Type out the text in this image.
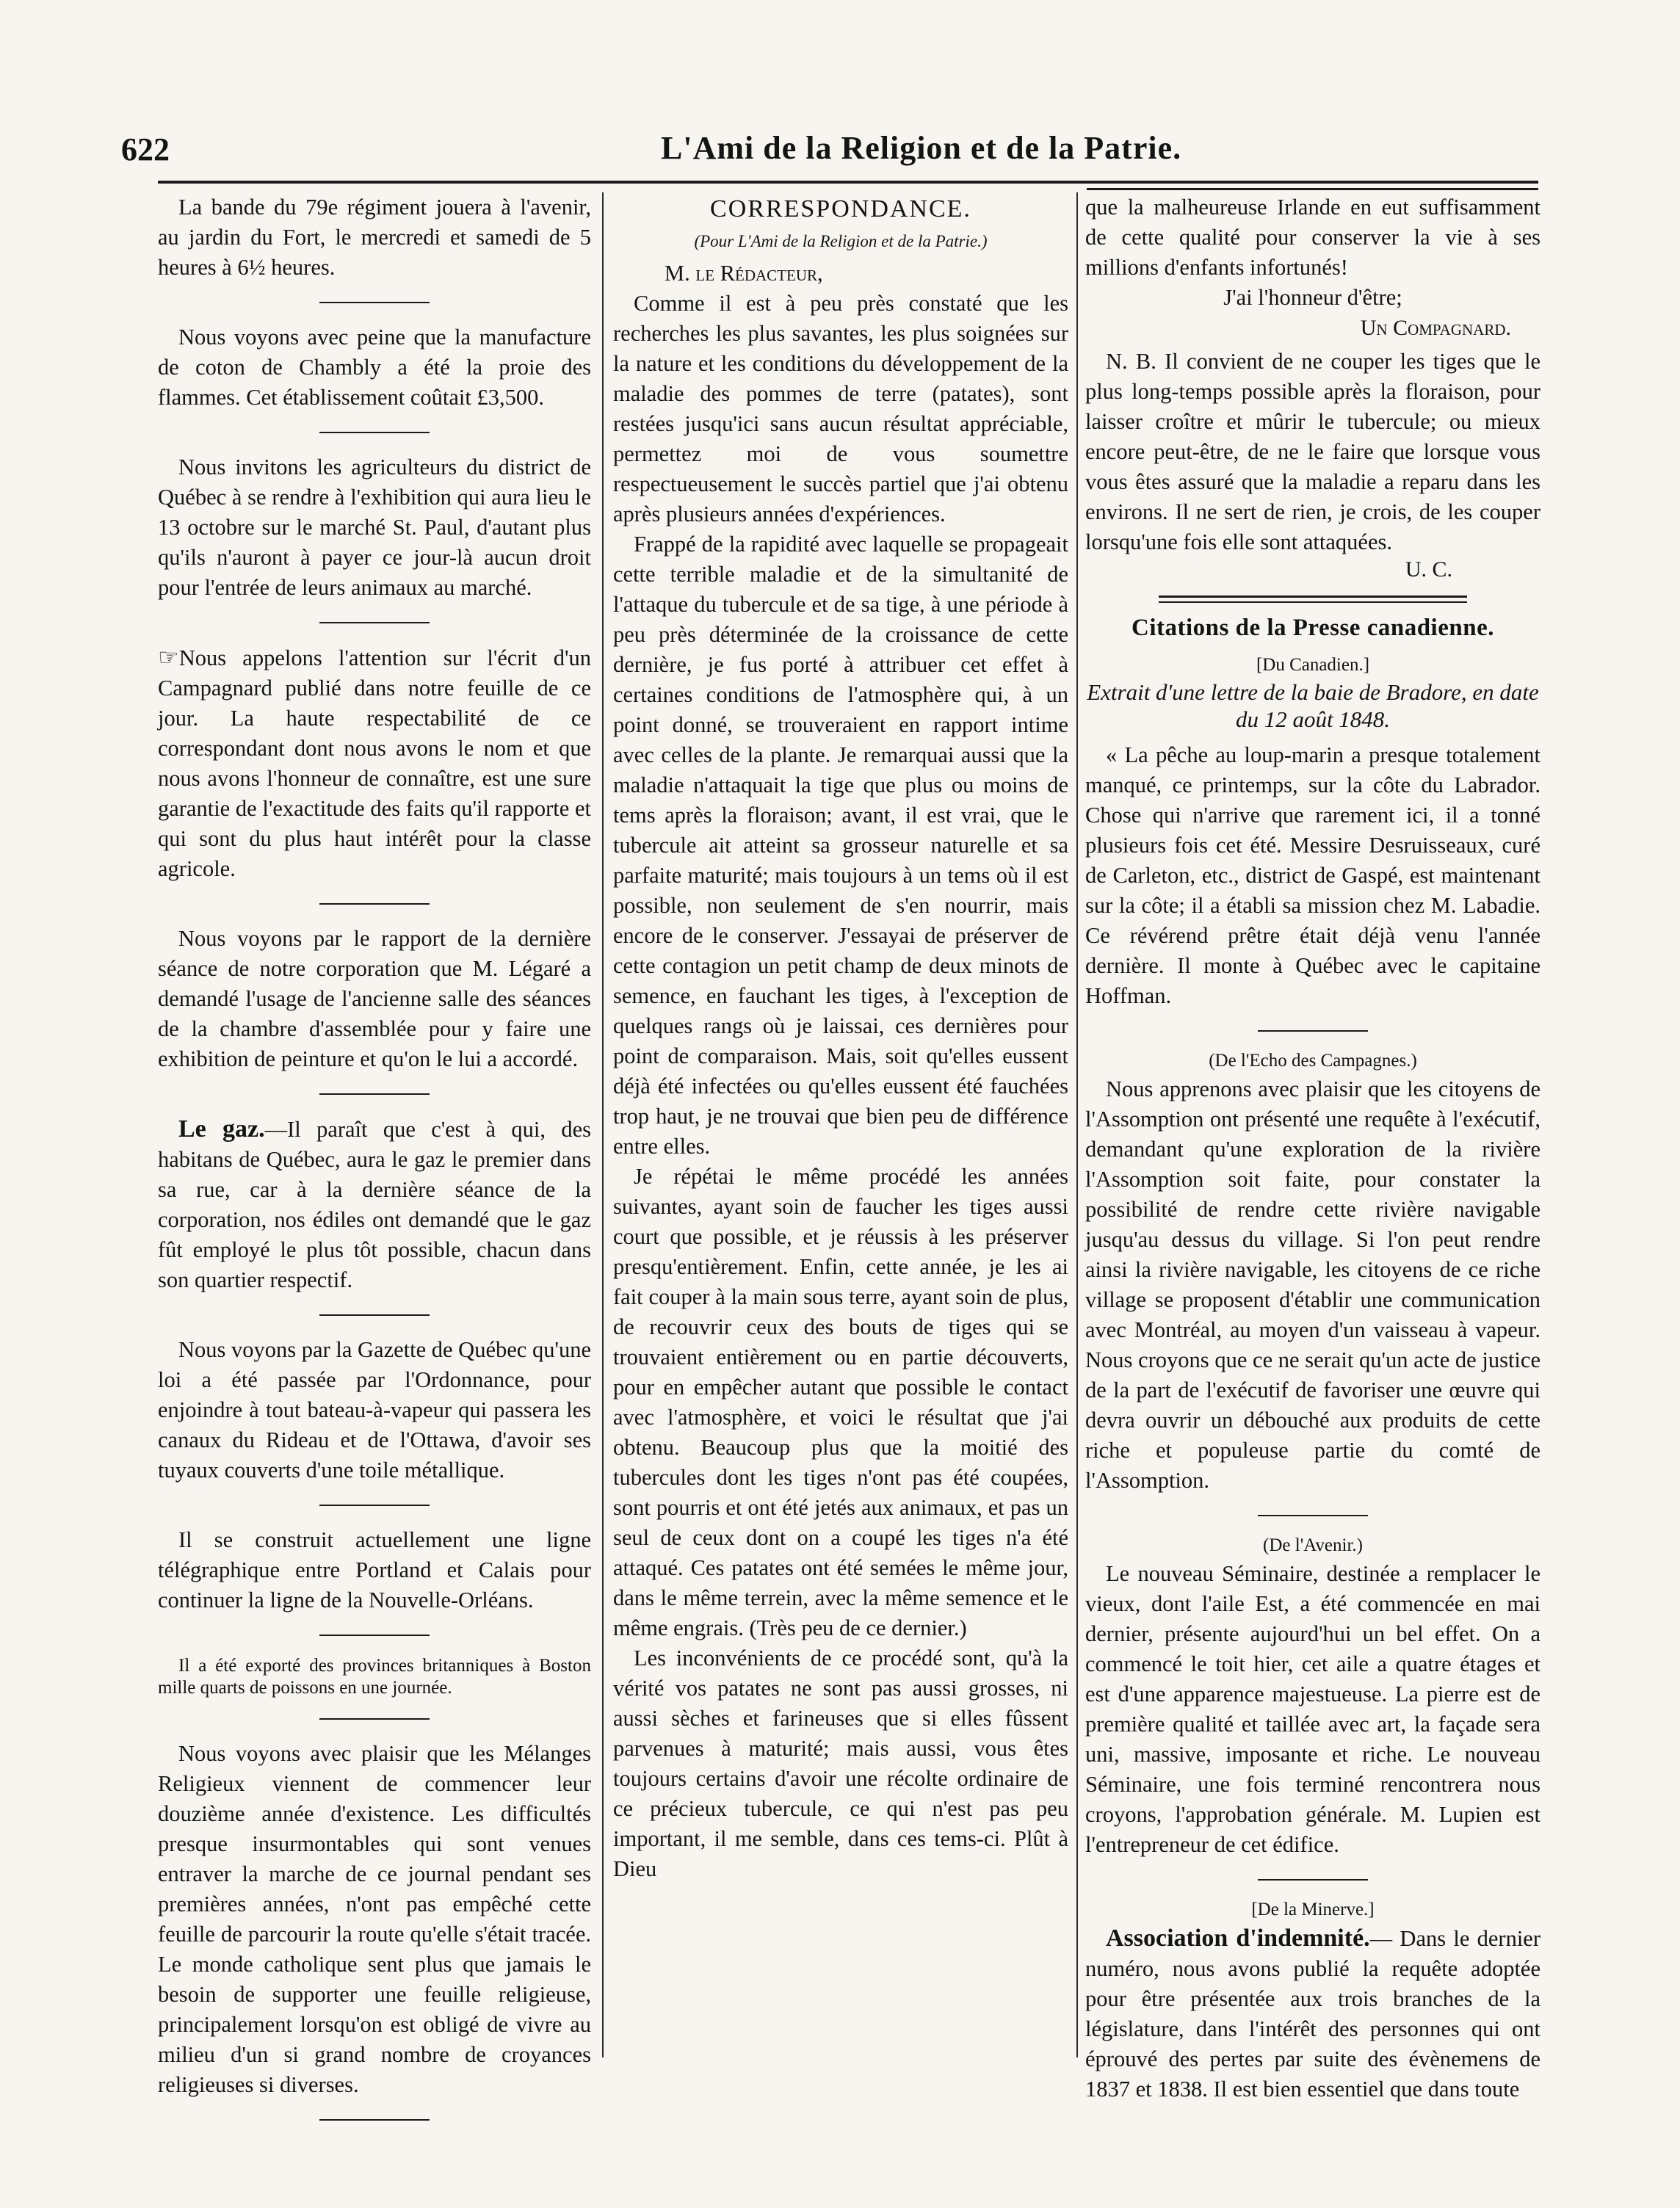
622	L'Ami de la Religion et de la Patrie.

La bande du 79e régiment jouera à l'avenir, au jardin du Fort, le mercredi et samedi de 5 heures à 6½ heures.

Nous voyons avec peine que la manufacture de coton de Chambly a été la proie des flammes. Cet établissement coûtait £3,500.

Nous invitons les agriculteurs du district de Québec à se rendre à l'exhibition qui aura lieu le 13 octobre sur le marché St. Paul, d'autant plus qu'ils n'auront à payer ce jour-là aucun droit pour l'entrée de leurs animaux au marché.

☞Nous appelons l'attention sur l'écrit d'un Campagnard publié dans notre feuille de ce jour. La haute respectabilité de ce correspondant dont nous avons le nom et que nous avons l'honneur de connaître, est une sure garantie de l'exactitude des faits qu'il rapporte et qui sont du plus haut intérêt pour la classe agricole.

Nous voyons par le rapport de la dernière séance de notre corporation que M. Légaré a demandé l'usage de l'ancienne salle des séances de la chambre d'assemblée pour y faire une exhibition de peinture et qu'on le lui a accordé.

Le gaz.—Il paraît que c'est à qui, des habitans de Québec, aura le gaz le premier dans sa rue, car à la dernière séance de la corporation, nos édiles ont demandé que le gaz fût employé le plus tôt possible, chacun dans son quartier respectif.

Nous voyons par la Gazette de Québec qu'une loi a été passée par l'Ordonnance, pour enjoindre à tout bateau-à-vapeur qui passera les canaux du Rideau et de l'Ottawa, d'avoir ses tuyaux couverts d'une toile métallique.

Il se construit actuellement une ligne télégraphique entre Portland et Calais pour continuer la ligne de la Nouvelle-Orléans.

Il a été exporté des provinces britanniques à Boston mille quarts de poissons en une journée.

Nous voyons avec plaisir que les Mélanges Religieux viennent de commencer leur douzième année d'existence. Les difficultés presque insurmontables qui sont venues entraver la marche de ce journal pendant ses premières années, n'ont pas empêché cette feuille de parcourir la route qu'elle s'était tracée. Le monde catholique sent plus que jamais le besoin de supporter une feuille religieuse, principalement lorsqu'on est obligé de vivre au milieu d'un si grand nombre de croyances religieuses si diverses.

CORRESPONDANCE.
(Pour L'Ami de la Religion et de la Patrie.)

M. le Rédacteur,

Comme il est à peu près constaté que les recherches les plus savantes, les plus soignées sur la nature et les conditions du développement de la maladie des pommes de terre (patates), sont restées jusqu'ici sans aucun résultat appréciable, permettez moi de vous soumettre respectueusement le succès partiel que j'ai obtenu après plusieurs années d'expériences.

Frappé de la rapidité avec laquelle se propageait cette terrible maladie et de la simultanité de l'attaque du tubercule et de sa tige, à une période à peu près déterminée de la croissance de cette dernière, je fus porté à attribuer cet effet à certaines conditions de l'atmosphère qui, à un point donné, se trouveraient en rapport intime avec celles de la plante. Je remarquai aussi que la maladie n'attaquait la tige que plus ou moins de tems après la floraison; avant, il est vrai, que le tubercule ait atteint sa grosseur naturelle et sa parfaite maturité; mais toujours à un tems où il est possible, non seulement de s'en nourrir, mais encore de le conserver. J'essayai de préserver de cette contagion un petit champ de deux minots de semence, en fauchant les tiges, à l'exception de quelques rangs où je laissai, ces dernières pour point de comparaison. Mais, soit qu'elles eussent déjà été infectées ou qu'elles eussent été fauchées trop haut, je ne trouvai que bien peu de différence entre elles.

Je répétai le même procédé les années suivantes, ayant soin de faucher les tiges aussi court que possible, et je réussis à les préserver presqu'entièrement. Enfin, cette année, je les ai fait couper à la main sous terre, ayant soin de plus, de recouvrir ceux des bouts de tiges qui se trouvaient entièrement ou en partie découverts, pour en empêcher autant que possible le contact avec l'atmosphère, et voici le résultat que j'ai obtenu. Beaucoup plus que la moitié des tubercules dont les tiges n'ont pas été coupées, sont pourris et ont été jetés aux animaux, et pas un seul de ceux dont on a coupé les tiges n'a été attaqué. Ces patates ont été semées le même jour, dans le même terrein, avec la même semence et le même engrais. (Très peu de ce dernier.)

Les inconvénients de ce procédé sont, qu'à la vérité vos patates ne sont pas aussi grosses, ni aussi sèches et farineuses que si elles fûssent parvenues à maturité; mais aussi, vous êtes toujours certains d'avoir une récolte ordinaire de ce précieux tubercule, ce qui n'est pas peu important, il me semble, dans ces tems-ci. Plût à Dieu

que la malheureuse Irlande en eut suffisamment de cette qualité pour conserver la vie à ses millions d'enfants infortunés!

J'ai l'honneur d'être;

Un Compagnard.

N. B. Il convient de ne couper les tiges que le plus long-temps possible après la floraison, pour laisser croître et mûrir le tubercule; ou mieux encore peut-être, de ne le faire que lorsque vous vous êtes assuré que la maladie a reparu dans les environs. Il ne sert de rien, je crois, de les couper lorsqu'une fois elle sont attaquées.

U. C.
Citations de la Presse canadienne.
[Du Canadien.]
Extrait d'une lettre de la baie de Bradore, en date du 12 août 1848.

« La pêche au loup-marin a presque totalement manqué, ce printemps, sur la côte du Labrador. Chose qui n'arrive que rarement ici, il a tonné plusieurs fois cet été. Messire Desruisseaux, curé de Carleton, etc., district de Gaspé, est maintenant sur la côte; il a établi sa mission chez M. Labadie. Ce révérend prêtre était déjà venu l'année dernière. Il monte à Québec avec le capitaine Hoffman.

(De l'Echo des Campagnes.)

Nous apprenons avec plaisir que les citoyens de l'Assomption ont présenté une requête à l'exécutif, demandant qu'une exploration de la rivière l'Assomption soit faite, pour constater la possibilité de rendre cette rivière navigable jusqu'au dessus du village. Si l'on peut rendre ainsi la rivière navigable, les citoyens de ce riche village se proposent d'établir une communication avec Montréal, au moyen d'un vaisseau à vapeur. Nous croyons que ce ne serait qu'un acte de justice de la part de l'exécutif de favoriser une œuvre qui devra ouvrir un débouché aux produits de cette riche et populeuse partie du comté de l'Assomption.

(De l'Avenir.)

Le nouveau Séminaire, destinée a remplacer le vieux, dont l'aile Est, a été commencée en mai dernier, présente aujourd'hui un bel effet. On a commencé le toit hier, cet aile a quatre étages et est d'une apparence majestueuse. La pierre est de première qualité et taillée avec art, la façade sera uni, massive, imposante et riche. Le nouveau Séminaire, une fois terminé rencontrera nous croyons, l'approbation générale. M. Lupien est l'entrepreneur de cet édifice.

[De la Minerve.]

Association d'indemnité.— Dans le dernier numéro, nous avons publié la requête adoptée pour être présentée aux trois branches de la législature, dans l'intérêt des personnes qui ont éprouvé des pertes par suite des évènemens de 1837 et 1838. Il est bien essentiel que dans toute
